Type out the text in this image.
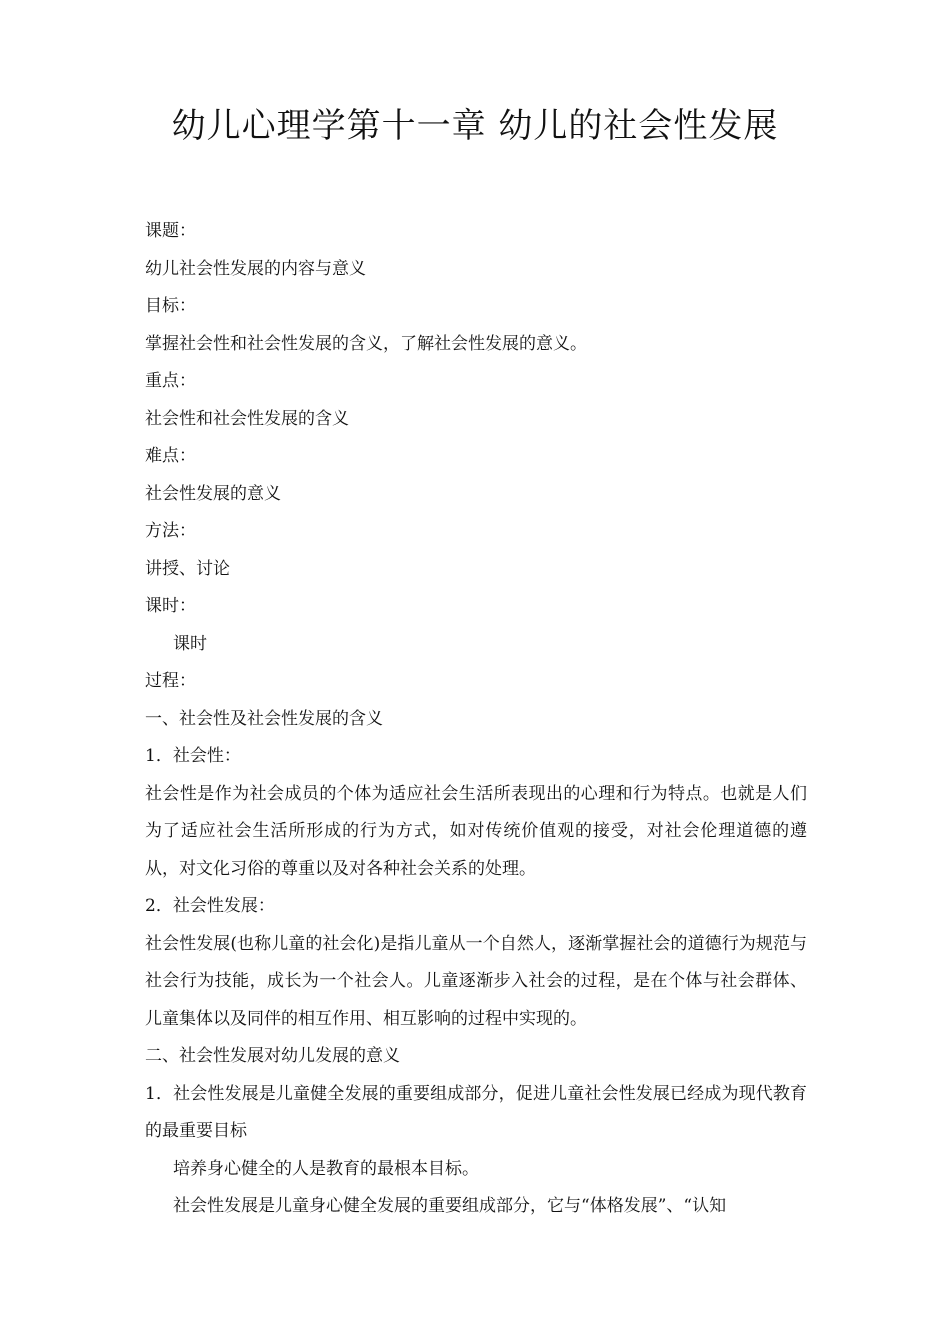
幼儿心理学第十一章 幼儿的社会性发展

课题：

幼儿社会性发展的内容与意义

目标：

掌握社会性和社会性发展的含义，了解社会性发展的意义。

重点：

社会性和社会性发展的含义

难点：

社会性发展的意义

方法：

讲授、讨论

课时：

课时

过程：

一、社会性及社会性发展的含义

1．社会性：

社会性是作为社会成员的个体为适应社会生活所表现出的心理和行为特点。也就是人们为了适应社会生活所形成的行为方式，如对传统价值观的接受，对社会伦理道德的遵从，对文化习俗的尊重以及对各种社会关系的处理。

2．社会性发展：

社会性发展(也称儿童的社会化)是指儿童从一个自然人，逐渐掌握社会的道德行为规范与社会行为技能，成长为一个社会人。儿童逐渐步入社会的过程，是在个体与社会群体、儿童集体以及同伴的相互作用、相互影响的过程中实现的。

二、社会性发展对幼儿发展的意义

1．社会性发展是儿童健全发展的重要组成部分，促进儿童社会性发展已经成为现代教育的最重要目标

培养身心健全的人是教育的最根本目标。

社会性发展是儿童身心健全发展的重要组成部分，它与“体格发展”、“认知
